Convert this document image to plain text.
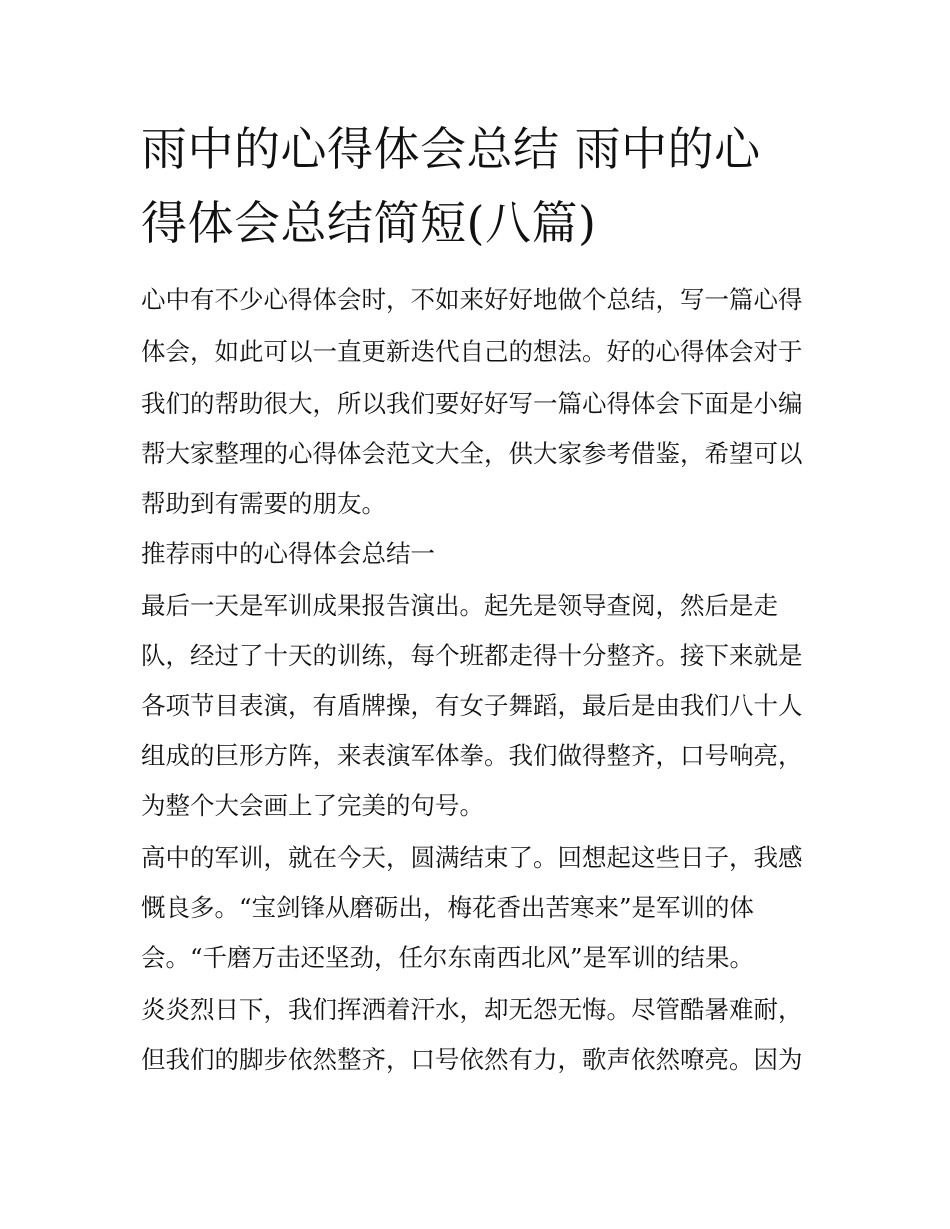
雨中的心得体会总结 雨中的心
得体会总结简短(八篇)
心中有不少心得体会时，不如来好好地做个总结，写一篇心得
体会，如此可以一直更新迭代自己的想法。好的心得体会对于
我们的帮助很大，所以我们要好好写一篇心得体会下面是小编
帮大家整理的心得体会范文大全，供大家参考借鉴，希望可以
帮助到有需要的朋友。
推荐雨中的心得体会总结一
最后一天是军训成果报告演出。起先是领导查阅，然后是走
队，经过了十天的训练，每个班都走得十分整齐。接下来就是
各项节目表演，有盾牌操，有女子舞蹈，最后是由我们八十人
组成的巨形方阵，来表演军体拳。我们做得整齐，口号响亮，
为整个大会画上了完美的句号。
高中的军训，就在今天，圆满结束了。回想起这些日子，我感
慨良多。“宝剑锋从磨砺出，梅花香出苦寒来”是军训的体
会。“千磨万击还坚劲，任尔东南西北风”是军训的结果。
炎炎烈日下，我们挥洒着汗水，却无怨无悔。尽管酷暑难耐，
但我们的脚步依然整齐，口号依然有力，歌声依然嘹亮。因为
